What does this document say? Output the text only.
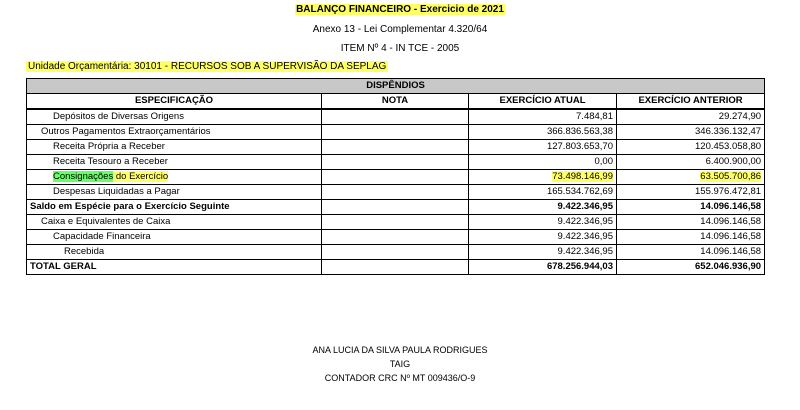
BALANÇO FINANCEIRO - Exercicio de 2021
Anexo 13 - Lei Complementar 4.320/64
ITEM Nº 4 - IN TCE - 2005
Unidade Orçamentária: 30101 - RECURSOS SOB A SUPERVISÃO DA SEPLAG
DISPÊNDIOS			
ESPECIFICAÇÃO	NOTA	EXERCÍCIO ATUAL	EXERCÍCIO ANTERIOR
Depósitos de Diversas Origens		7.484,81	29.274,90
Outros Pagamentos Extraorçamentários		366.836.563,38	346.336.132,47
Receita Própria a Receber		127.803.653,70	120.453.058,80
Receita Tesouro a Receber		0,00	6.400.900,00
Consignações do Exercício		73.498.146,99	63.505.700,86
Despesas Liquidadas a Pagar		165.534.762,69	155.976.472,81
Saldo em Espécie para o Exercício Seguinte		9.422.346,95	14.096.146,58
Caixa e Equivalentes de Caixa		9.422.346,95	14.096.146,58
Capacidade Financeira		9.422.346,95	14.096.146,58
Recebida		9.422.346,95	14.096.146,58
TOTAL GERAL		678.256.944,03	652.046.936,90
ANA LUCIA DA SILVA PAULA RODRIGUES
TAIG
CONTADOR CRC Nº MT 009436/O-9
